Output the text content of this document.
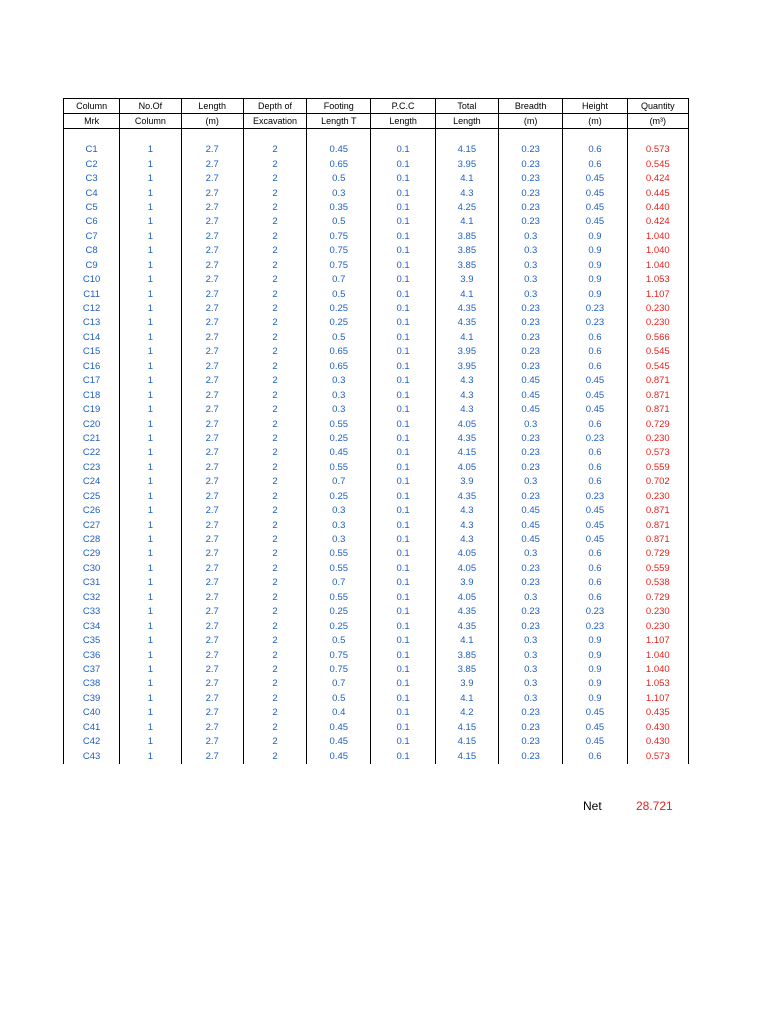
Column	No.Of	Length	Depth of	Footing	P.C.C	Total	Breadth	Height	Quantity
Mrk	Column	(m)	Excavation	Length T	Length	Length	(m)	(m)	(m³)

C1	1	2.7	2	0.45	0.1	4.15	0.23	0.6	0.573
C2	1	2.7	2	0.65	0.1	3.95	0.23	0.6	0.545
C3	1	2.7	2	0.5	0.1	4.1	0.23	0.45	0.424
C4	1	2.7	2	0.3	0.1	4.3	0.23	0.45	0.445
C5	1	2.7	2	0.35	0.1	4.25	0.23	0.45	0.440
C6	1	2.7	2	0.5	0.1	4.1	0.23	0.45	0.424
C7	1	2.7	2	0.75	0.1	3.85	0.3	0.9	1.040
C8	1	2.7	2	0.75	0.1	3.85	0.3	0.9	1.040
C9	1	2.7	2	0.75	0.1	3.85	0.3	0.9	1.040
C10	1	2.7	2	0.7	0.1	3.9	0.3	0.9	1.053
C11	1	2.7	2	0.5	0.1	4.1	0.3	0.9	1.107
C12	1	2.7	2	0.25	0.1	4.35	0.23	0.23	0.230
C13	1	2.7	2	0.25	0.1	4.35	0.23	0.23	0.230
C14	1	2.7	2	0.5	0.1	4.1	0.23	0.6	0.566
C15	1	2.7	2	0.65	0.1	3.95	0.23	0.6	0.545
C16	1	2.7	2	0.65	0.1	3.95	0.23	0.6	0.545
C17	1	2.7	2	0.3	0.1	4.3	0.45	0.45	0.871
C18	1	2.7	2	0.3	0.1	4.3	0.45	0.45	0.871
C19	1	2.7	2	0.3	0.1	4.3	0.45	0.45	0.871
C20	1	2.7	2	0.55	0.1	4.05	0.3	0.6	0.729
C21	1	2.7	2	0.25	0.1	4.35	0.23	0.23	0.230
C22	1	2.7	2	0.45	0.1	4.15	0.23	0.6	0.573
C23	1	2.7	2	0.55	0.1	4.05	0.23	0.6	0.559
C24	1	2.7	2	0.7	0.1	3.9	0.3	0.6	0.702
C25	1	2.7	2	0.25	0.1	4.35	0.23	0.23	0.230
C26	1	2.7	2	0.3	0.1	4.3	0.45	0.45	0.871
C27	1	2.7	2	0.3	0.1	4.3	0.45	0.45	0.871
C28	1	2.7	2	0.3	0.1	4.3	0.45	0.45	0.871
C29	1	2.7	2	0.55	0.1	4.05	0.3	0.6	0.729
C30	1	2.7	2	0.55	0.1	4.05	0.23	0.6	0.559
C31	1	2.7	2	0.7	0.1	3.9	0.23	0.6	0.538
C32	1	2.7	2	0.55	0.1	4.05	0.3	0.6	0.729
C33	1	2.7	2	0.25	0.1	4.35	0.23	0.23	0.230
C34	1	2.7	2	0.25	0.1	4.35	0.23	0.23	0.230
C35	1	2.7	2	0.5	0.1	4.1	0.3	0.9	1.107
C36	1	2.7	2	0.75	0.1	3.85	0.3	0.9	1.040
C37	1	2.7	2	0.75	0.1	3.85	0.3	0.9	1.040
C38	1	2.7	2	0.7	0.1	3.9	0.3	0.9	1.053
C39	1	2.7	2	0.5	0.1	4.1	0.3	0.9	1.107
C40	1	2.7	2	0.4	0.1	4.2	0.23	0.45	0.435
C41	1	2.7	2	0.45	0.1	4.15	0.23	0.45	0.430
C42	1	2.7	2	0.45	0.1	4.15	0.23	0.45	0.430
C43	1	2.7	2	0.45	0.1	4.15	0.23	0.6	0.573
Net	28.721
